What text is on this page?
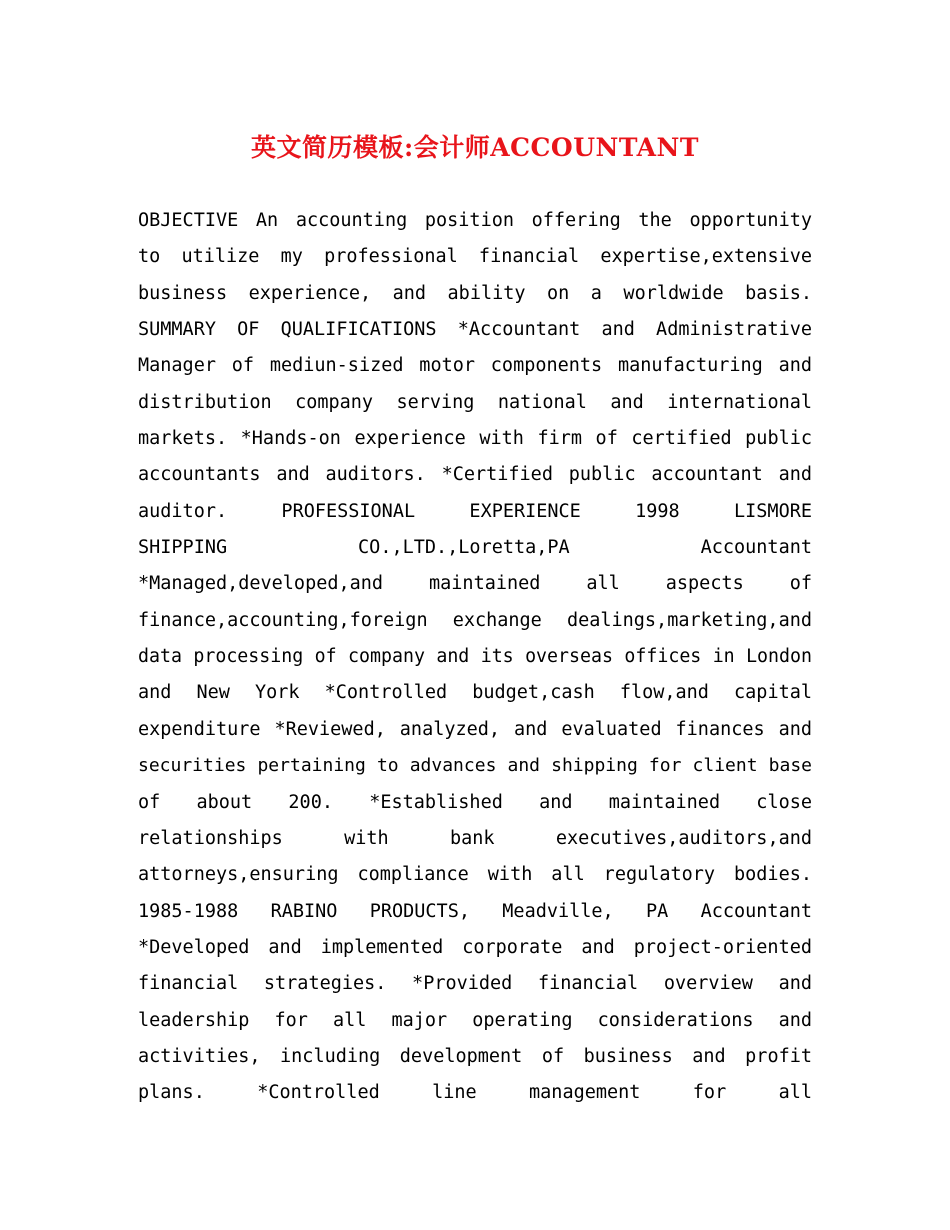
英文简历模板:会计师ACCOUNTANT
OBJECTIVE An accounting position offering the opportunity
to utilize my professional financial expertise,extensive
business experience, and ability on a worldwide basis.
SUMMARY OF QUALIFICATIONS *Accountant and Administrative
Manager of mediun-sized motor components manufacturing and
distribution company serving national and international
markets. *Hands-on experience with firm of certified public
accountants and auditors. *Certified public accountant and
auditor. PROFESSIONAL EXPERIENCE 1998 LISMORE
SHIPPING CO.,LTD.,Loretta,PA Accountant
*Managed,developed,and maintained all aspects of
finance,accounting,foreign exchange dealings,marketing,and
data processing of company and its overseas offices in London
and New York *Controlled budget,cash flow,and capital
expenditure *Reviewed, analyzed, and evaluated finances and
securities pertaining to advances and shipping for client base
of about 200. *Established and maintained close
relationships with bank executives,auditors,and
attorneys,ensuring compliance with all regulatory bodies.
1985-1988 RABINO PRODUCTS, Meadville, PA Accountant
*Developed and implemented corporate and project-oriented
financial strategies. *Provided financial overview and
leadership for all major operating considerations and
activities, including development of business and profit
plans. *Controlled line management for all
